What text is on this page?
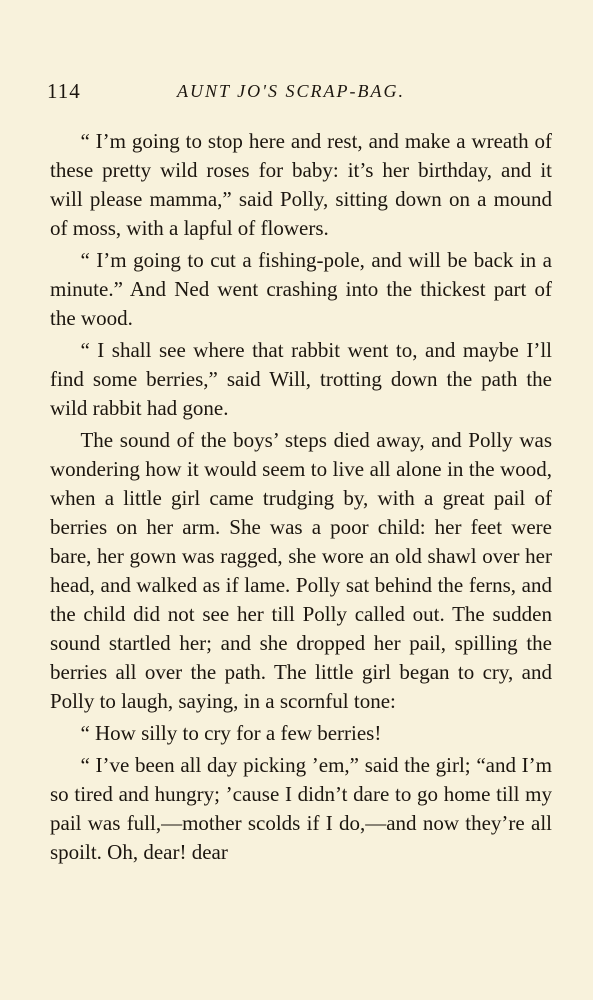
114	AUNT JO'S SCRAP-BAG.

“ I’m going to stop here and rest, and make a wreath of these pretty wild roses for baby: it’s her birthday, and it will please mamma,” said Polly, sitting down on a mound of moss, with a lapful of flowers.

“ I’m going to cut a fishing-pole, and will be back in a minute.” And Ned went crashing into the thickest part of the wood.

“ I shall see where that rabbit went to, and maybe I’ll find some berries,” said Will, trotting down the path the wild rabbit had gone.

The sound of the boys’ steps died away, and Polly was wondering how it would seem to live all alone in the wood, when a little girl came trudging by, with a great pail of berries on her arm. She was a poor child: her feet were bare, her gown was ragged, she wore an old shawl over her head, and walked as if lame. Polly sat behind the ferns, and the child did not see her till Polly called out. The sudden sound startled her; and she dropped her pail, spilling the berries all over the path. The little girl began to cry, and Polly to laugh, saying, in a scornful tone:

“ How silly to cry for a few berries!

“ I’ve been all day picking ’em,” said the girl; “and I’m so tired and hungry; ’cause I didn’t dare to go home till my pail was full,—mother scolds if I do,—and now they’re all spoilt. Oh, dear! dear
